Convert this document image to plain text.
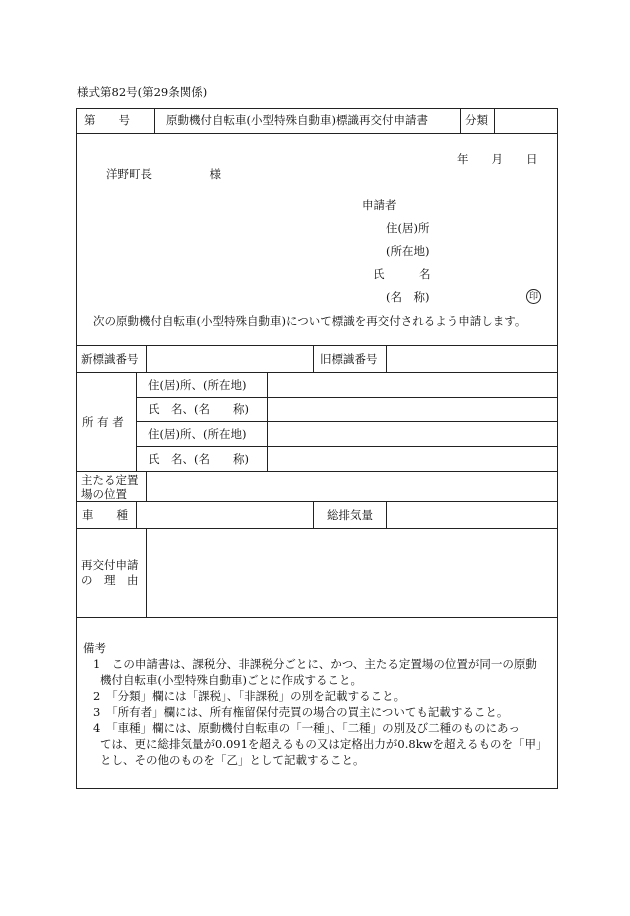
様式第82号(第29条関係)
第　　号	原動機付自転車(小型特殊自動車)標識再交付申請書	分類
年　　月　　日
洋野町長　　　　　様
申請者
住(居)所
(所在地)
氏　　　名
(名　称)	印
次の原動機付自転車(小型特殊自動車)について標識を再交付されるよう申請します。
新標識番号	旧標識番号
所 有 者
住(居)所、(所在地)
氏　名、(名　　称)
住(居)所、(所在地)
氏　名、(名　　称)
主たる定置
場の位置
車　　種	総排気量
再交付申請
の　理　由
備考
1　この申請書は、課税分、非課税分ごとに、かつ、主たる定置場の位置が同一の原動
機付自転車(小型特殊自動車)ごとに作成すること。
2　「分類」欄には「課税」、「非課税」の別を記載すること。
3　「所有者」欄には、所有権留保付売買の場合の買主についても記載すること。
4　「車種」欄には、原動機付自転車の「一種」、「二種」の別及び二種のものにあっ
ては、更に総排気量が0.091を超えるもの又は定格出力が0.8kwを超えるものを「甲」
とし、その他のものを「乙」として記載すること。
